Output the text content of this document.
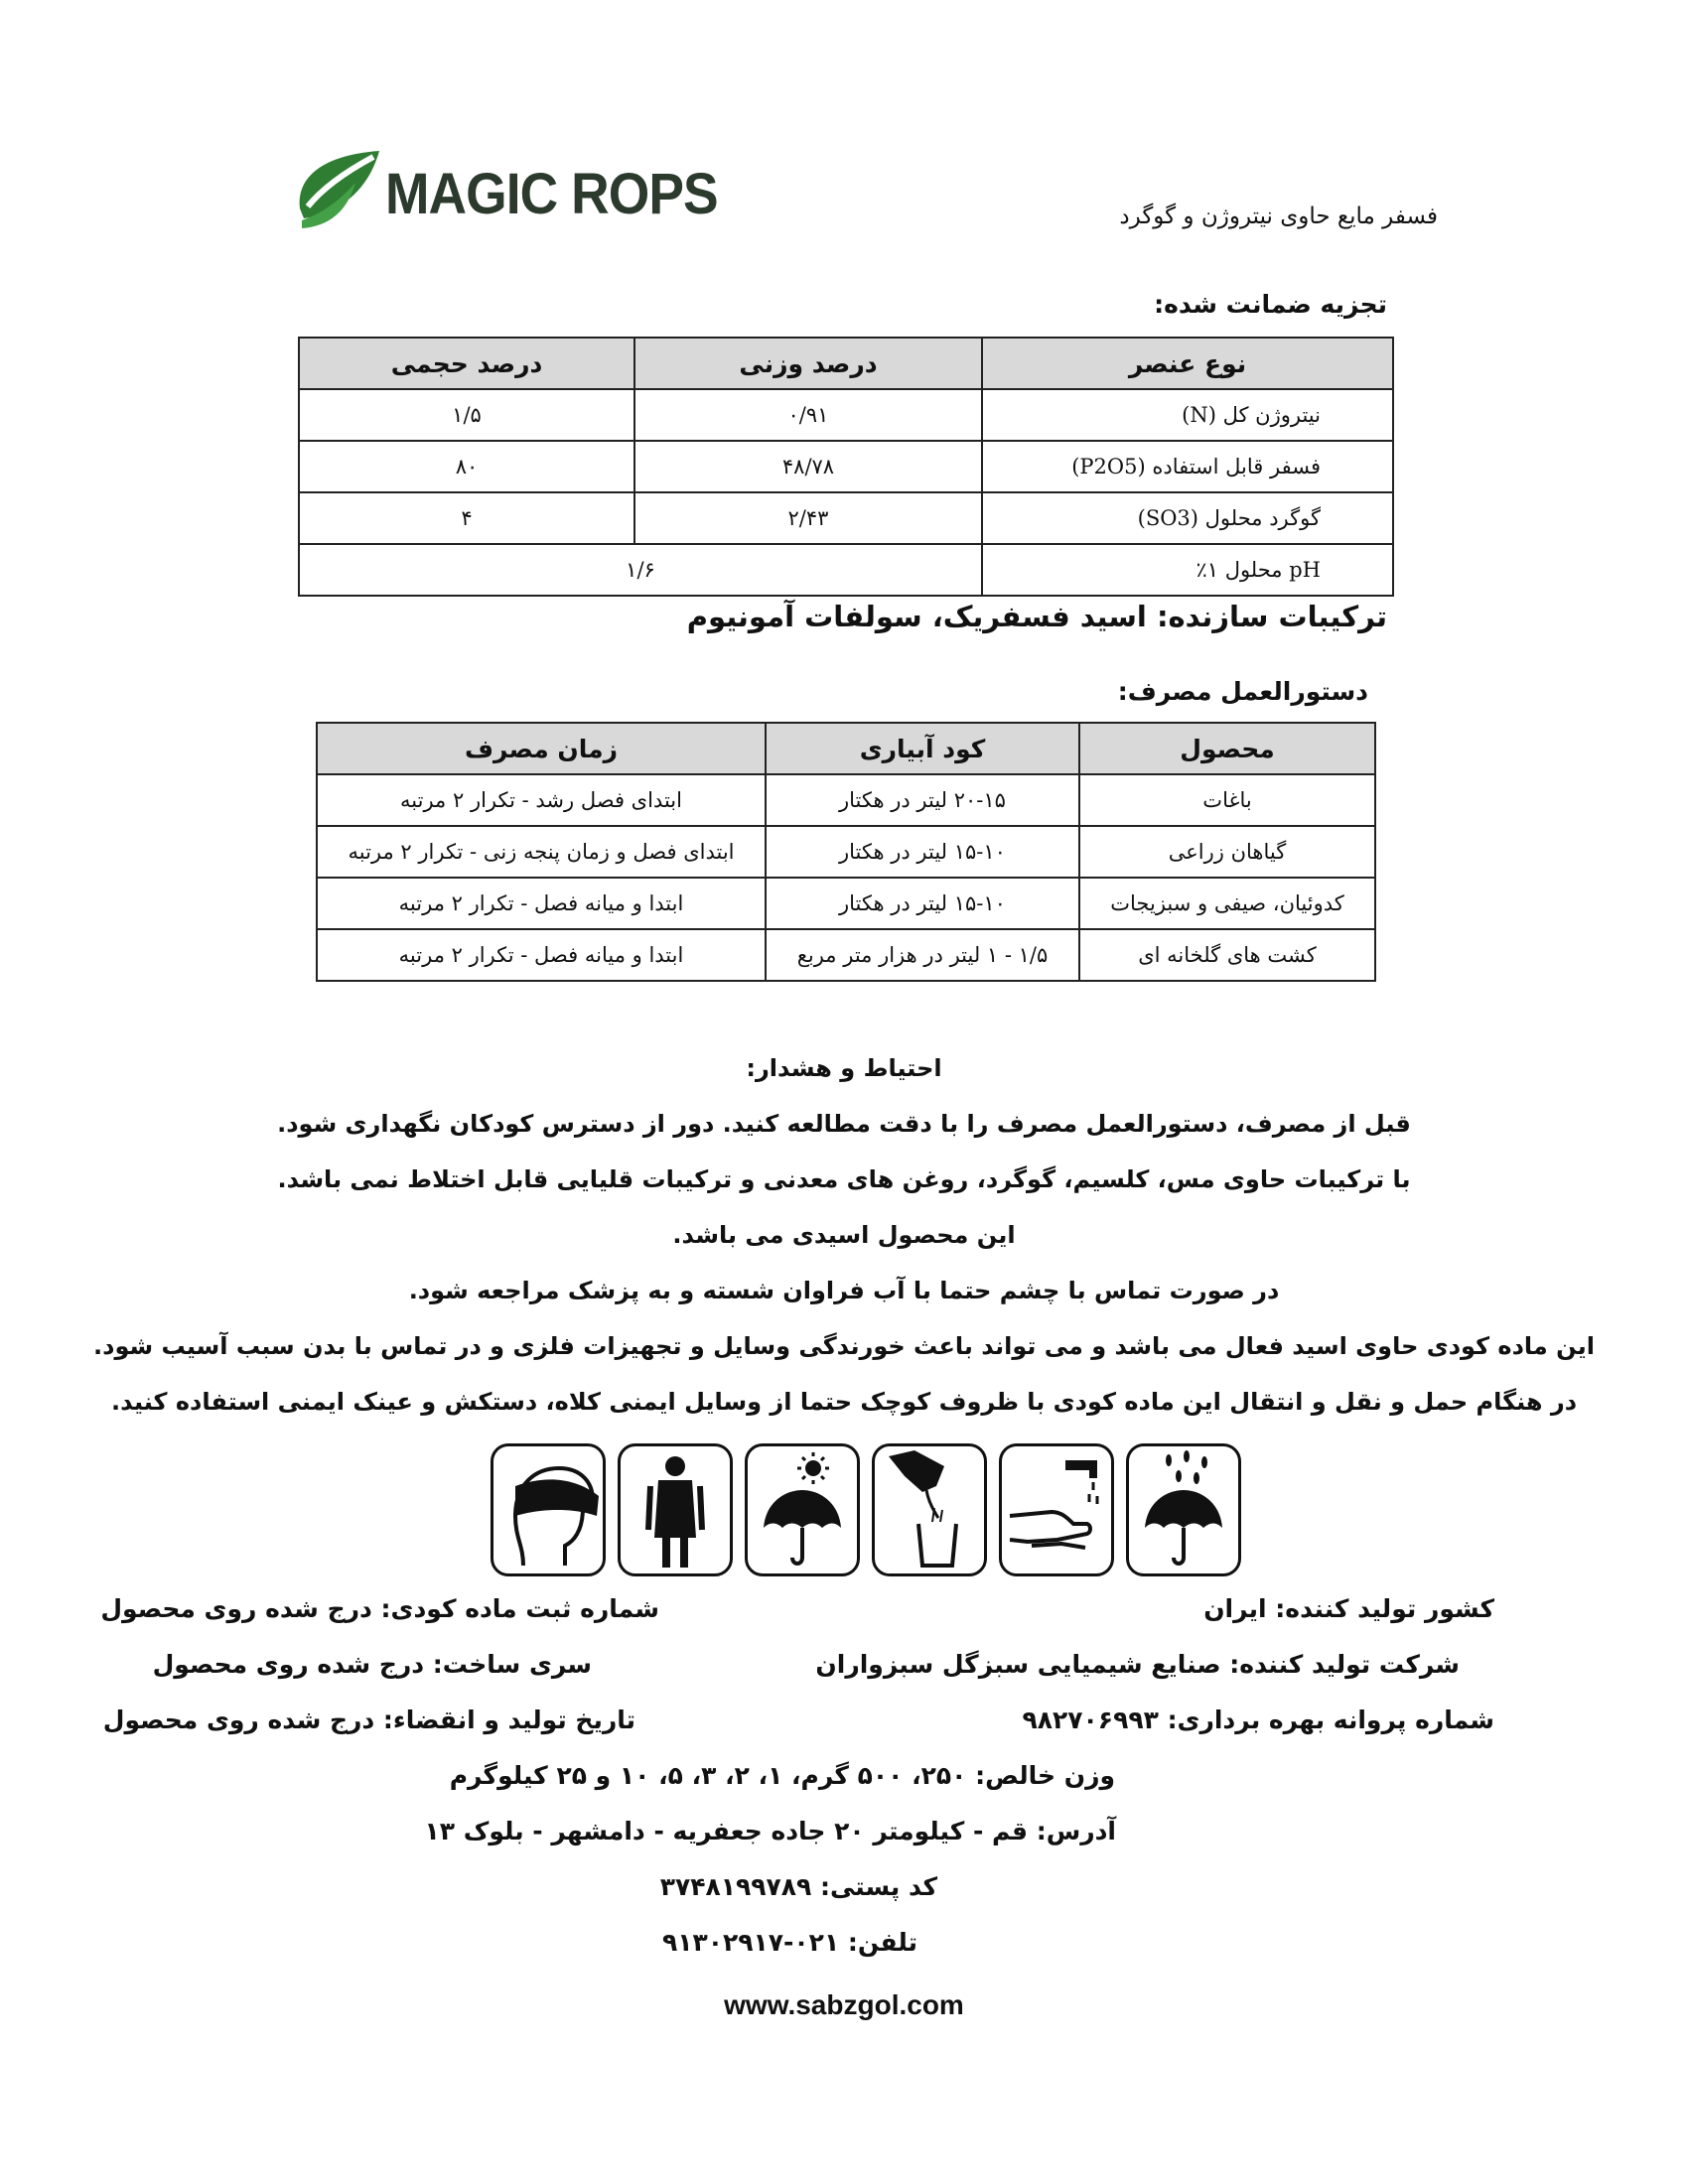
MAGIC ROPS	فسفر مایع حاوی نیتروژن و گوگرد
تجزیه ضمانت شده:
نوع عنصر	درصد وزنی	درصد حجمی
نیتروژن کل (N)	۰/۹۱	۱/۵
فسفر قابل استفاده (P2O5)	۴۸/۷۸	۸۰
گوگرد محلول (SO3)	۲/۴۳	۴
pH محلول ۱٪	۱/۶	
ترکیبات سازنده: اسید فسفریک، سولفات آمونیوم
دستورالعمل مصرف:
محصول	کود آبیاری	زمان مصرف
باغات	۲۰-۱۵ لیتر در هکتار	ابتدای فصل رشد - تکرار ۲ مرتبه
گیاهان زراعی	۱۵-۱۰ لیتر در هکتار	ابتدای فصل و زمان پنجه زنی - تکرار ۲ مرتبه
کدوئیان، صیفی و سبزیجات	۱۵-۱۰ لیتر در هکتار	ابتدا و میانه فصل - تکرار ۲ مرتبه
کشت های گلخانه ای	۱/۵ - ۱ لیتر در هزار متر مربع	ابتدا و میانه فصل - تکرار ۲ مرتبه
احتیاط و هشدار:
قبل از مصرف، دستورالعمل مصرف را با دقت مطالعه کنید. دور از دسترس کودکان نگهداری شود.
با ترکیبات حاوی مس، کلسیم، گوگرد، روغن های معدنی و ترکیبات قلیایی قابل اختلاط نمی باشد.
این محصول اسیدی می باشد.
در صورت تماس با چشم حتما با آب فراوان شسته و به پزشک مراجعه شود.
این ماده کودی حاوی اسید فعال می باشد و می تواند باعث خورندگی وسایل و تجهیزات فلزی و در تماس با بدن سبب آسیب شود.
در هنگام حمل و نقل و انتقال این ماده کودی با ظروف کوچک حتما از وسایل ایمنی کلاه، دستکش و عینک ایمنی استفاده کنید.
کشور تولید کننده: ایران
شرکت تولید کننده: صنایع شیمیایی سبزگل سبزواران
شماره پروانه بهره برداری: ۹۸۲۷۰۶۹۹۳
شماره ثبت ماده کودی: درج شده روی محصول
سری ساخت: درج شده روی محصول
تاریخ تولید و انقضاء: درج شده روی محصول
وزن خالص: ۲۵۰، ۵۰۰ گرم، ۱، ۲، ۳، ۵، ۱۰ و ۲۵ کیلوگرم
آدرس: قم - کیلومتر ۲۰ جاده جعفریه - دامشهر - بلوک ۱۳
کد پستی: ۳۷۴۸۱۹۹۷۸۹
تلفن: ۰۲۱-۹۱۳۰۲۹۱۷
www.sabzgol.com
